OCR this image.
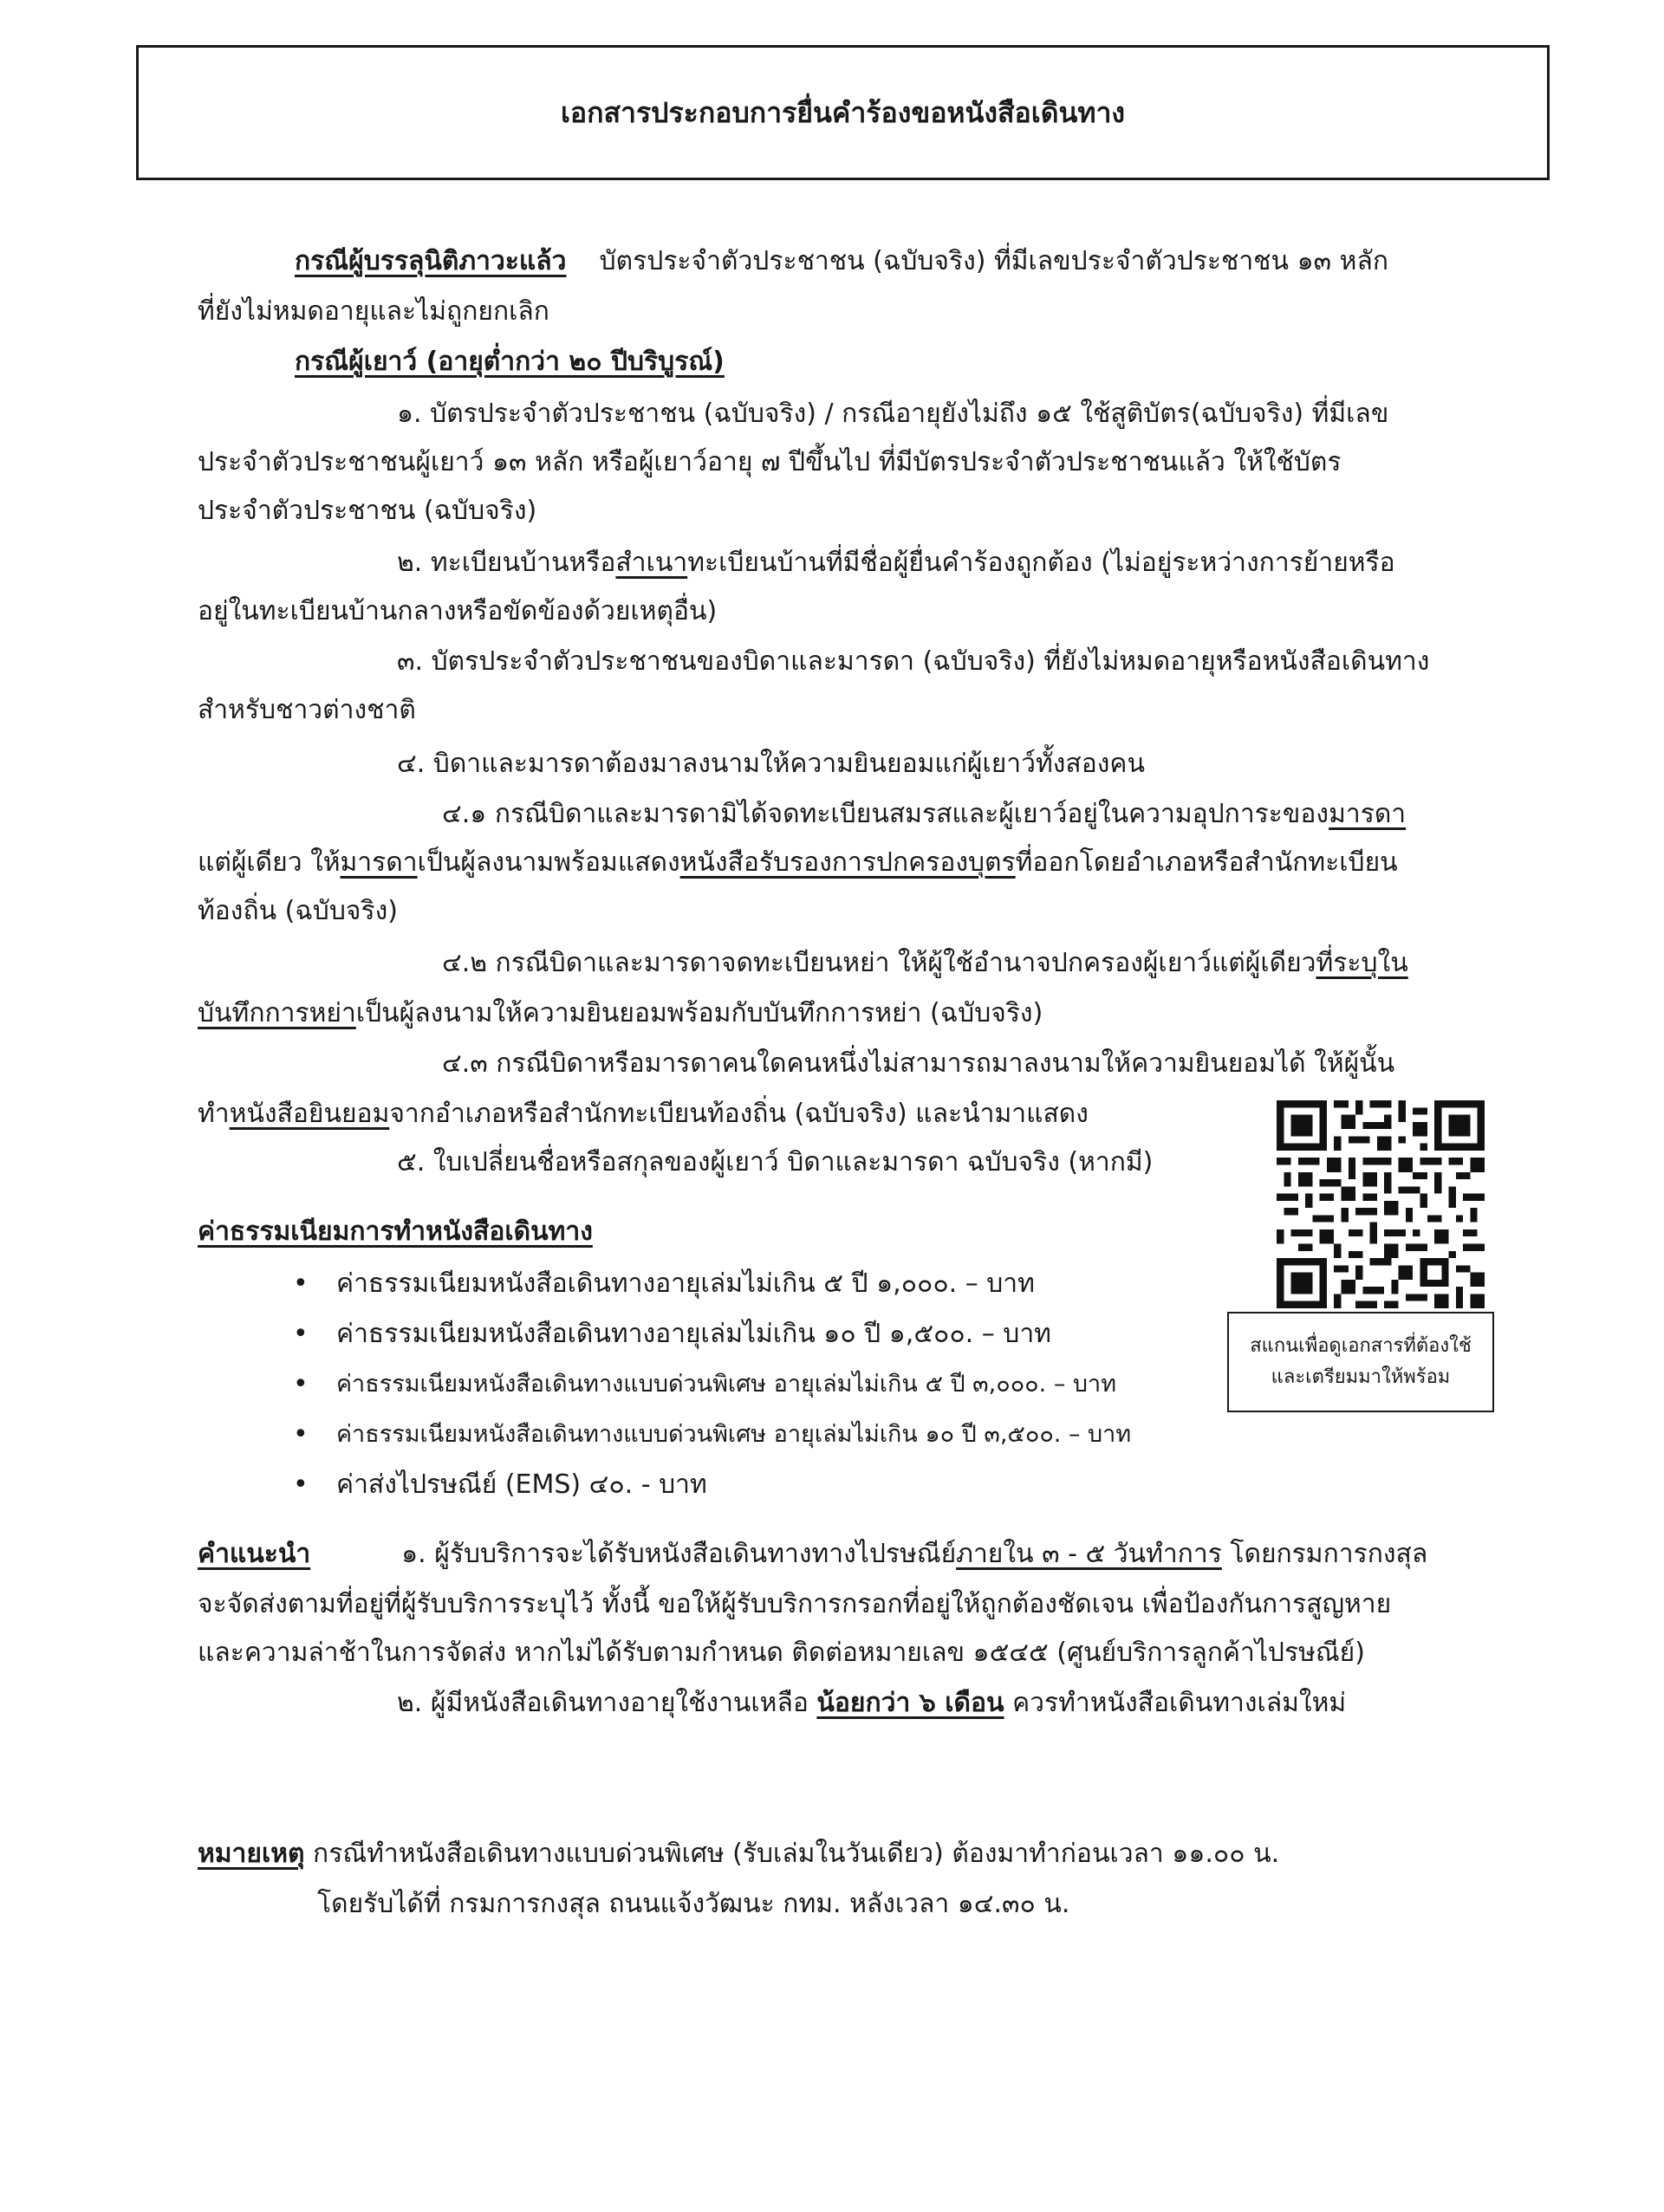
เอกสารประกอบการยื่นคำร้องขอหนังสือเดินทาง
กรณีผู้บรรลุนิติภาวะแล้ว บัตรประจำตัวประชาชน (ฉบับจริง) ที่มีเลขประจำตัวประชาชน ๑๓ หลัก
ที่ยังไม่หมดอายุและไม่ถูกยกเลิก
กรณีผู้เยาว์ (อายุต่ำกว่า ๒๐ ปีบริบูรณ์)
๑. บัตรประจำตัวประชาชน (ฉบับจริง) / กรณีอายุยังไม่ถึง ๑๕ ใช้สูติบัตร(ฉบับจริง) ที่มีเลข
ประจำตัวประชาชนผู้เยาว์ ๑๓ หลัก หรือผู้เยาว์อายุ ๗ ปีขึ้นไป ที่มีบัตรประจำตัวประชาชนแล้ว ให้ใช้บัตร
ประจำตัวประชาชน (ฉบับจริง)
๒. ทะเบียนบ้านหรือสำเนาทะเบียนบ้านที่มีชื่อผู้ยื่นคำร้องถูกต้อง (ไม่อยู่ระหว่างการย้ายหรือ
อยู่ในทะเบียนบ้านกลางหรือขัดข้องด้วยเหตุอื่น)
๓. บัตรประจำตัวประชาชนของบิดาและมารดา (ฉบับจริง) ที่ยังไม่หมดอายุหรือหนังสือเดินทาง
สำหรับชาวต่างชาติ
๔. บิดาและมารดาต้องมาลงนามให้ความยินยอมแก่ผู้เยาว์ทั้งสองคน
๔.๑ กรณีบิดาและมารดามิได้จดทะเบียนสมรสและผู้เยาว์อยู่ในความอุปการะของมารดา
แต่ผู้เดียว ให้มารดาเป็นผู้ลงนามพร้อมแสดงหนังสือรับรองการปกครองบุตรที่ออกโดยอำเภอหรือสำนักทะเบียน
ท้องถิ่น (ฉบับจริง)
๔.๒ กรณีบิดาและมารดาจดทะเบียนหย่า ให้ผู้ใช้อำนาจปกครองผู้เยาว์แต่ผู้เดียวที่ระบุใน
บันทึกการหย่าเป็นผู้ลงนามให้ความยินยอมพร้อมกับบันทึกการหย่า (ฉบับจริง)
๔.๓ กรณีบิดาหรือมารดาคนใดคนหนึ่งไม่สามารถมาลงนามให้ความยินยอมได้ ให้ผู้นั้น
ทำหนังสือยินยอมจากอำเภอหรือสำนักทะเบียนท้องถิ่น (ฉบับจริง) และนำมาแสดง
๕. ใบเปลี่ยนชื่อหรือสกุลของผู้เยาว์ บิดาและมารดา ฉบับจริง (หากมี)
ค่าธรรมเนียมการทำหนังสือเดินทาง
• ค่าธรรมเนียมหนังสือเดินทางอายุเล่มไม่เกิน ๕ ปี ๑,๐๐๐. – บาท
• ค่าธรรมเนียมหนังสือเดินทางอายุเล่มไม่เกิน ๑๐ ปี ๑,๕๐๐. – บาท
• ค่าธรรมเนียมหนังสือเดินทางแบบด่วนพิเศษ อายุเล่มไม่เกิน ๕ ปี ๓,๐๐๐. – บาท
• ค่าธรรมเนียมหนังสือเดินทางแบบด่วนพิเศษ อายุเล่มไม่เกิน ๑๐ ปี ๓,๕๐๐. – บาท
• ค่าส่งไปรษณีย์ (EMS) ๔๐. - บาท
สแกนเพื่อดูเอกสารที่ต้องใช้
และเตรียมมาให้พร้อม
คำแนะนำ	๑. ผู้รับบริการจะได้รับหนังสือเดินทางทางไปรษณีย์ภายใน ๓ - ๕ วันทำการ โดยกรมการกงสุล
จะจัดส่งตามที่อยู่ที่ผู้รับบริการระบุไว้ ทั้งนี้ ขอให้ผู้รับบริการกรอกที่อยู่ให้ถูกต้องชัดเจน เพื่อป้องกันการสูญหาย
และความล่าช้าในการจัดส่ง หากไม่ได้รับตามกำหนด ติดต่อหมายเลข ๑๕๔๕ (ศูนย์บริการลูกค้าไปรษณีย์)
๒. ผู้มีหนังสือเดินทางอายุใช้งานเหลือ น้อยกว่า ๖ เดือน ควรทำหนังสือเดินทางเล่มใหม่
หมายเหตุ กรณีทำหนังสือเดินทางแบบด่วนพิเศษ (รับเล่มในวันเดียว) ต้องมาทำก่อนเวลา ๑๑.๐๐ น.
โดยรับได้ที่ กรมการกงสุล ถนนแจ้งวัฒนะ กทม. หลังเวลา ๑๔.๓๐ น.
